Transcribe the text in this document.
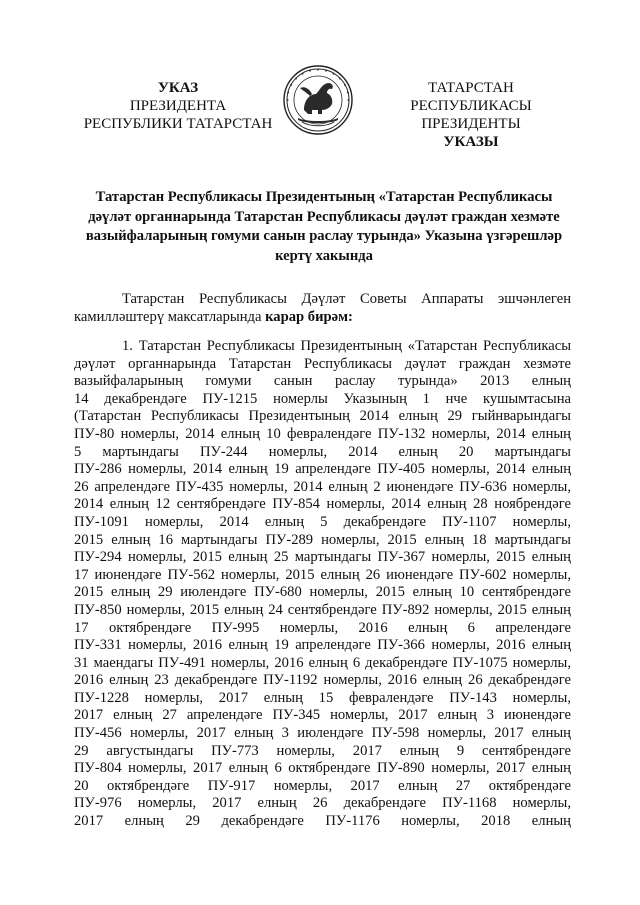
УКАЗ
ПРЕЗИДЕНТА
РЕСПУБЛИКИ ТАТАРСТАН
ТАТАРСТАН РЕСПУБЛИКАСЫ
ПРЕЗИДЕНТЫ
УКАЗЫ
Татарстан Республикасы Президентының «Татарстан Республикасы
дәүләт органнарында Татарстан Республикасы дәүләт граждан хезмәте
вазыйфаларының гомуми санын раслау турында» Указына үзгәрешләр
кертү хакында
Татарстан Республикасы Дәүләт Советы Аппараты эшчәнлеген
камилләштерү максатларында карар бирәм:
1. Татарстан Республикасы Президентының «Татарстан Республикасы
дәүләт органнарында Татарстан Республикасы дәүләт граждан хезмәте
вазыйфаларының гомуми санын раслау турында» 2013 елның
14 декабрендәге ПУ-1215 номерлы Указының 1 нче кушымтасына
(Татарстан Республикасы Президентының 2014 елның 29 гыйнварындагы
ПУ-80 номерлы, 2014 елның 10 февралендәге ПУ-132 номерлы, 2014 елның
5 мартындагы ПУ-244 номерлы, 2014 елның 20 мартындагы
ПУ-286 номерлы, 2014 елның 19 апрелендәге ПУ-405 номерлы, 2014 елның
26 апрелендәге ПУ-435 номерлы, 2014 елның 2 июнендәге ПУ-636 номерлы,
2014 елның 12 сентябрендәге ПУ-854 номерлы, 2014 елның 28 ноябрендәге
ПУ-1091 номерлы, 2014 елның 5 декабрендәге ПУ-1107 номерлы,
2015 елның 16 мартындагы ПУ-289 номерлы, 2015 елның 18 мартындагы
ПУ-294 номерлы, 2015 елның 25 мартындагы ПУ-367 номерлы, 2015 елның
17 июнендәге ПУ-562 номерлы, 2015 елның 26 июнендәге ПУ-602 номерлы,
2015 елның 29 июлендәге ПУ-680 номерлы, 2015 елның 10 сентябрендәге
ПУ-850 номерлы, 2015 елның 24 сентябрендәге ПУ-892 номерлы, 2015 елның
17 октябрендәге ПУ-995 номерлы, 2016 елның 6 апрелендәге
ПУ-331 номерлы, 2016 елның 19 апрелендәге ПУ-366 номерлы, 2016 елның
31 маендагы ПУ-491 номерлы, 2016 елның 6 декабрендәге ПУ-1075 номерлы,
2016 елның 23 декабрендәге ПУ-1192 номерлы, 2016 елның 26 декабрендәге
ПУ-1228 номерлы, 2017 елның 15 февралендәге ПУ-143 номерлы,
2017 елның 27 апрелендәге ПУ-345 номерлы, 2017 елның 3 июнендәге
ПУ-456 номерлы, 2017 елның 3 июлендәге ПУ-598 номерлы, 2017 елның
29 августындагы ПУ-773 номерлы, 2017 елның 9 сентябрендәге
ПУ-804 номерлы, 2017 елның 6 октябрендәге ПУ-890 номерлы, 2017 елның
20 октябрендәге ПУ-917 номерлы, 2017 елның 27 октябрендәге
ПУ-976 номерлы, 2017 елның 26 декабрендәге ПУ-1168 номерлы,
2017 елның 29 декабрендәге ПУ-1176 номерлы, 2018 елның
